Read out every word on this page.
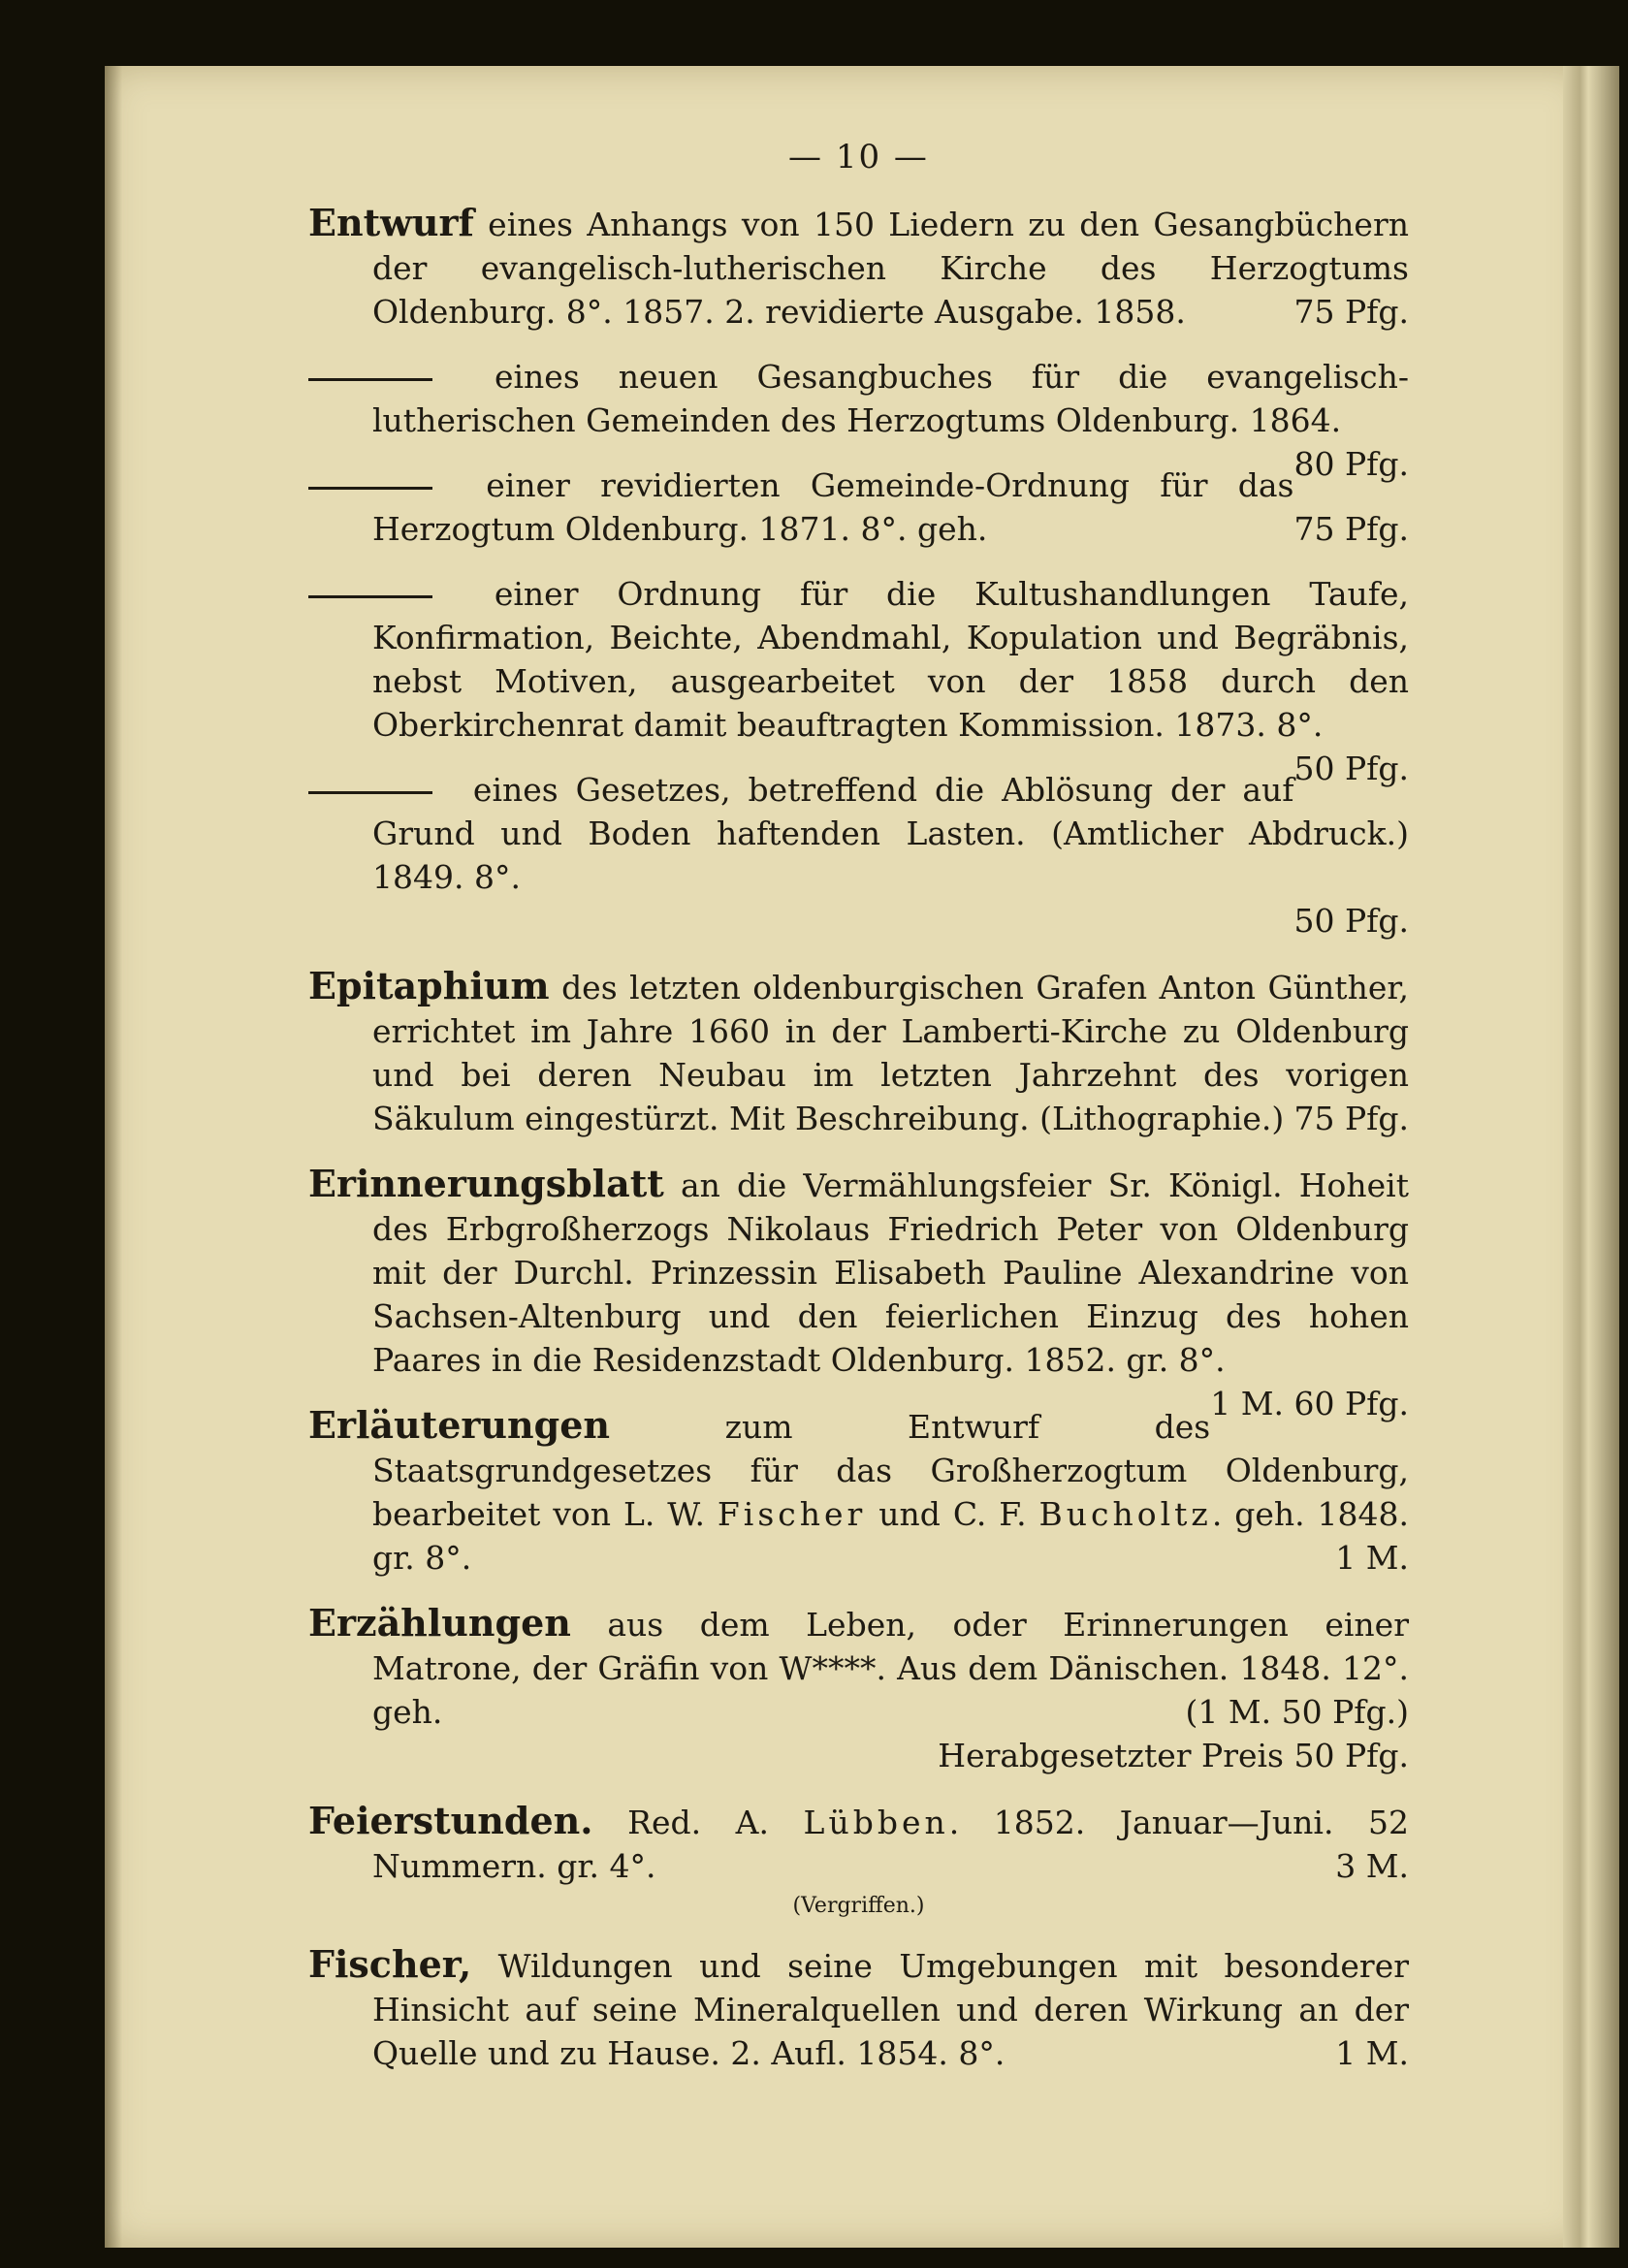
— 10 —
Entwurf eines Anhangs von 150 Liedern zu den Gesangbüchern der evangelisch-lutherischen Kirche des Herzogtums Oldenburg. 8°. 1857. 2. revidierte Ausgabe. 1858.	75 Pfg.
eines neuen Gesangbuches für die evangelisch-lutherischen Gemeinden des Herzogtums Oldenburg. 1864.
80 Pfg.
einer revidierten Gemeinde-Ordnung für das Herzogtum Oldenburg. 1871. 8°. geh.	75 Pfg.
einer Ordnung für die Kultushandlungen Taufe, Konfirmation, Beichte, Abendmahl, Kopulation und Begräbnis, nebst Motiven, ausgearbeitet von der 1858 durch den Oberkirchenrat damit beauftragten Kommission. 1873. 8°.
50 Pfg.
eines Gesetzes, betreffend die Ablösung der auf Grund und Boden haftenden Lasten. (Amtlicher Abdruck.) 1849. 8°.
50 Pfg.
Epitaphium des letzten oldenburgischen Grafen Anton Günther, errichtet im Jahre 1660 in der Lamberti-Kirche zu Oldenburg und bei deren Neubau im letzten Jahrzehnt des vorigen Säkulum eingestürzt. Mit Beschreibung. (Lithographie.) 75 Pfg.
Erinnerungsblatt an die Vermählungsfeier Sr. Königl. Hoheit des Erbgroßherzogs Nikolaus Friedrich Peter von Oldenburg mit der Durchl. Prinzessin Elisabeth Pauline Alexandrine von Sachsen-Altenburg und den feierlichen Einzug des hohen Paares in die Residenzstadt Oldenburg. 1852. gr. 8°.
1 M. 60 Pfg.
Erläuterungen	zum Entwurf des Staatsgrundgesetzes für das Großherzogtum Oldenburg, bearbeitet von L. W. Fischer und C. F. Bucholtz. geh. 1848. gr. 8°.	1 M.
Erzählungen aus dem Leben, oder Erinnerungen einer Matrone, der Gräfin von W****. Aus dem Dänischen. 1848. 12°. geh.	(1 M. 50 Pfg.)
Herabgesetzter Preis 50 Pfg.
Feierstunden. Red. A. Lübben. 1852. Januar—Juni. 52 Nummern. gr. 4°.	3 M.
(Vergriffen.)
Fischer, Wildungen und seine Umgebungen mit besonderer Hinsicht auf seine Mineralquellen und deren Wirkung an der Quelle und zu Hause. 2. Aufl. 1854. 8°.	1 M.
